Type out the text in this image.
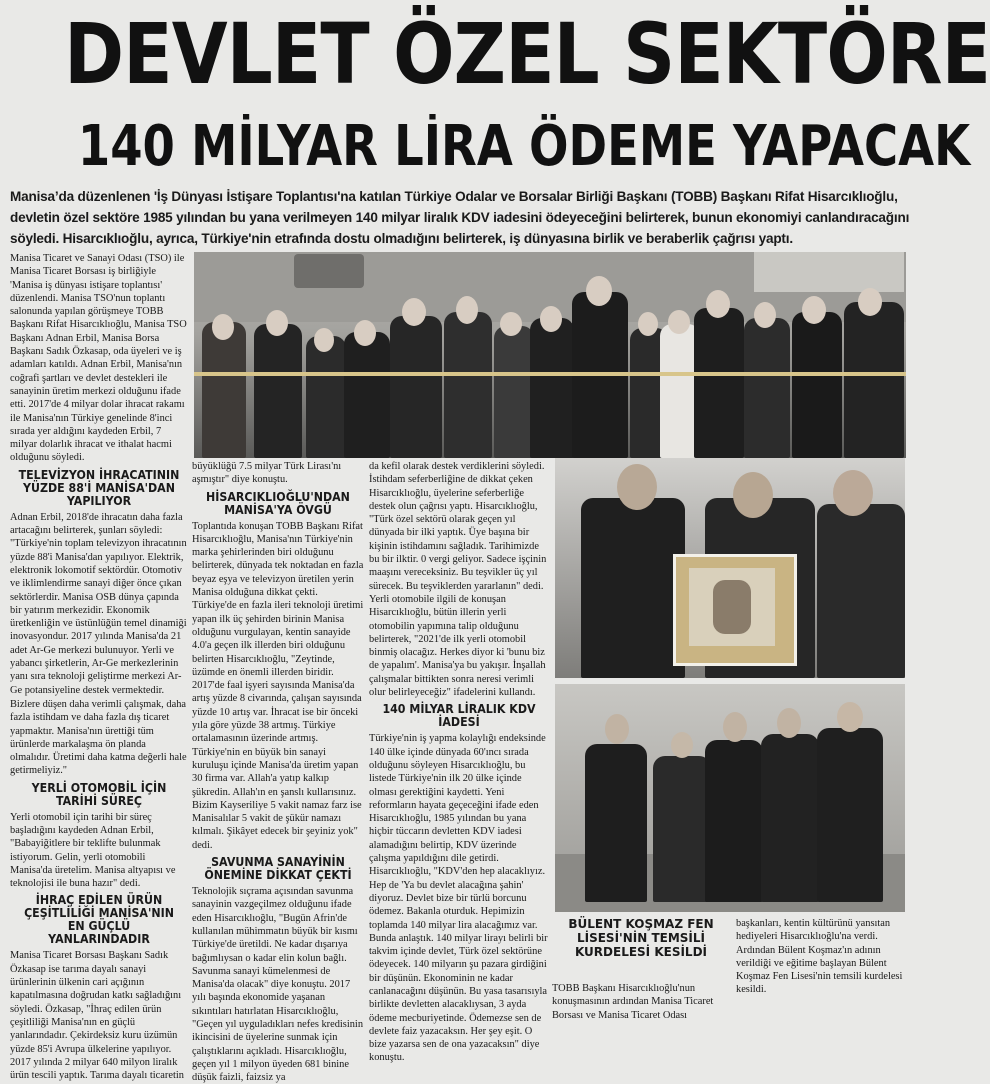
DEVLET ÖZEL SEKTÖRE
140 MİLYAR LİRA ÖDEME YAPACAK
Manisa’da düzenlenen 'İş Dünyası İstişare Toplantısı'na katılan Türkiye Odalar ve Borsalar Birliği Başkanı (TOBB) Başkanı Rifat Hisarcıklıoğlu, devletin özel sektöre 1985 yılından bu yana verilmeyen 140 milyar liralık KDV iadesini ödeyeceğini belirterek, bunun ekonomiyi canlandıracağını söyledi. Hisarcıklıoğlu, ayrıca, Türkiye'nin etrafında dostu olmadığını belirterek, iş dünyasına birlik ve beraberlik çağrısı yaptı.

Manisa Ticaret ve Sanayi Odası (TSO) ile Manisa Ticaret Borsası iş birliğiyle 'Manisa iş dünyası istişare toplantısı' düzenlendi. Manisa TSO'nun toplantı salonunda yapılan görüşmeye TOBB Başkanı Rifat Hisarcıklıoğlu, Manisa TSO Başkanı Adnan Erbil, Manisa Borsa Başkanı Sadık Özkasap, oda üyeleri ve iş adamları katıldı. Adnan Erbil, Manisa'nın coğrafi şartları ve devlet destekleri ile sanayinin üretim merkezi olduğunu ifade etti. 2017'de 4 milyar dolar ihracat rakamı ile Manisa'nın Türkiye genelinde 8'inci sırada yer aldığını kaydeden Erbil, 7 milyar dolarlık ihracat ve ithalat hacmi olduğunu söyledi.

TELEVİZYON İHRACATININ YÜZDE 88'İ MANİSA'DAN YAPILIYOR

Adnan Erbil, 2018'de ihracatın daha fazla artacağını belirterek, şunları söyledi: "Türkiye'nin toplam televizyon ihracatının yüzde 88'i Manisa'dan yapılıyor. Elektrik, elektronik lokomotif sektördür. Otomotiv ve iklimlendirme sanayi diğer önce çıkan sektörlerdir. Manisa OSB dünya çapında bir yatırım merkezidir. Ekonomik üretkenliğin ve üstünlüğün temel dinamiği inovasyondur. 2017 yılında Manisa'da 21 adet Ar-Ge merkezi bulunuyor. Yerli ve yabancı şirketlerin, Ar-Ge merkezlerinin yanı sıra teknoloji geliştirme merkezi Ar-Ge potansiyeline destek vermektedir.

Bizlere düşen daha verimli çalışmak, daha fazla istihdam ve daha fazla dış ticaret yapmaktır. Manisa'nın ürettiği tüm ürünlerde markalaşma ön planda olmalıdır. Üretimi daha katma değerli hale getirmeliyiz."

YERLİ OTOMOBİL İÇİN TARİHİ SÜREÇ

Yerli otomobil için tarihi bir süreç başladığını kaydeden Adnan Erbil, "Babayiğitlere bir teklifte bulunmak istiyorum. Gelin, yerli otomobili Manisa'da üretelim. Manisa altyapısı ve teknolojisi ile buna hazır" dedi.

İHRAÇ EDİLEN ÜRÜN ÇEŞİTLİLİĞİ MANİSA'NIN EN GÜÇLÜ YANLARINDADIR

Manisa Ticaret Borsası Başkanı Sadık Özkasap ise tarıma dayalı sanayi ürünlerinin ülkenin cari açığının kapatılmasına doğrudan katkı sağladığını söyledi. Özkasap, "İhraç edilen ürün çeşitliliği Manisa'nın en güçlü yanlarındadır. Çekirdeksiz kuru üzümün yüzde 85'i Avrupa ülkelerine yapılıyor. 2017 yılında 2 milyar 640 milyon liralık ürün tescili yaptık. Tarıma dayalı ticaretin

büyüklüğü 7.5 milyar Türk Lirası'nı aşmıştır" diye konuştu.

HİSARCIKLIOĞLU'NDAN MANİSA'YA ÖVGÜ

Toplantıda konuşan TOBB Başkanı Rifat Hisarcıklıoğlu, Manisa'nın Türkiye'nin marka şehirlerinden biri olduğunu belirterek, dünyada tek noktadan en fazla beyaz eşya ve televizyon üretilen yerin Manisa olduğuna dikkat çekti. Türkiye'de en fazla ileri teknoloji üretimi yapan ilk üç şehirden birinin Manisa olduğunu vurgulayan, kentin sanayide 4.0'a geçen ilk illerden biri olduğunu belirten Hisarcıklıoğlu, "Zeytinde, üzümde en önemli illerden biridir. 2017'de faal işyeri sayısında Manisa'da artış yüzde 8 civarında, çalışan sayısında yüzde 10 artış var. İhracat ise bir önceki yıla göre yüzde 38 artmış. Türkiye ortalamasının üzerinde artmış. Türkiye'nin en büyük bin sanayi kuruluşu içinde Manisa'da üretim yapan 30 firma var. Allah'a yatıp kalkıp şükredin. Allah'ın en şanslı kullarısınız. Bizim Kayseriliye 5 vakit namaz farz ise Manisalılar 5 vakit de şükür namazı kılmalı. Şikâyet edecek bir şeyiniz yok" dedi.

SAVUNMA SANAYİNİN ÖNEMİNE DİKKAT ÇEKTİ

Teknolojik sıçrama açısından savunma sanayinin vazgeçilmez olduğunu ifade eden Hisarcıklıoğlu, "Bugün Afrin'de kullanılan mühimmatın büyük bir kısmı Türkiye'de üretildi. Ne kadar dışarıya bağımlıysan o kadar elin kolun bağlı. Savunma sanayi kümelenmesi de Manisa'da olacak" diye konuştu. 2017 yılı başında ekonomide yaşanan sıkıntıları hatırlatan Hisarcıklıoğlu, "Geçen yıl uyguladıkları nefes kredisinin ikincisini de üyelerine sunmak için çalıştıklarını açıkladı. Hisarcıklıoğlu, geçen yıl 1 milyon üyeden 681 binine düşük faizli, faizsiz ya

da kefil olarak destek verdiklerini söyledi. İstihdam seferberliğine de dikkat çeken Hisarcıklıoğlu, üyelerine seferberliğe destek olun çağrısı yaptı. Hisarcıklıoğlu, "Türk özel sektörü olarak geçen yıl dünyada bir ilki yaptık. Üye başına bir kişinin istihdamını sağladık. Tarihimizde bu bir ilktir. 0 vergi geliyor. Sadece işçinin maaşını vereceksiniz. Bu teşvikler üç yıl sürecek. Bu teşviklerden yararlanın" dedi. Yerli otomobile ilgili de konuşan Hisarcıklıoğlu, bütün illerin yerli otomobilin yapımına talip olduğunu belirterek, "2021'de ilk yerli otomobil binmiş olacağız. Herkes diyor ki 'bunu biz de yapalım'. Manisa'ya bu yakışır. İnşallah çalışmalar bittikten sonra neresi verimli olur belirleyeceğiz" ifadelerini kullandı.

140 MİLYAR LİRALIK KDV İADESİ

Türkiye'nin iş yapma kolaylığı endeksinde 140 ülke içinde dünyada 60'ıncı sırada olduğunu söyleyen Hisarcıklıoğlu, bu listede Türkiye'nin ilk 20 ülke içinde olması gerektiğini kaydetti. Yeni reformların hayata geçeceğini ifade eden Hisarcıklıoğlu, 1985 yılından bu yana hiçbir tüccarın devletten KDV iadesi alamadığını belirtip, KDV üzerinde çalışma yapıldığını dile getirdi. Hisarcıklıoğlu, "KDV'den hep alacaklıyız. Hep de 'Ya bu devlet alacağına şahin' diyoruz. Devlet bize bir türlü borcunu ödemez. Bakanla oturduk. Hepimizin toplamda 140 milyar lira alacağımız var. Bunda anlaştık. 140 milyar lirayı belirli bir takvim içinde devlet, Türk özel sektörüne ödeyecek. 140 milyarın şu pazara girdiğini bir düşünün. Ekonominin ne kadar canlanacağını düşünün. Bu yasa tasarısıyla birlikte devletten alacaklıysan, 3 ayda ödeme mecburiyetinde. Ödemezse sen de devlete faiz yazacaksın. Her şey eşit. O bize yazarsa sen de ona yazacaksın" diye konuştu.

BÜLENT KOŞMAZ FEN LİSESİ'NİN TEMSİLİ KURDELESİ KESİLDİ
TOBB Başkanı Hisarcıklıoğlu'nun konuşmasının ardından Manisa Ticaret Borsası ve Manisa Ticaret Odası
başkanları, kentin kültürünü yansıtan hediyeleri Hisarcıklıoğlu'na verdi. Ardından Bülent Koşmaz'ın adının verildiği ve eğitime başlayan Bülent Koşmaz Fen Lisesi'nin temsili kurdelesi kesildi.
